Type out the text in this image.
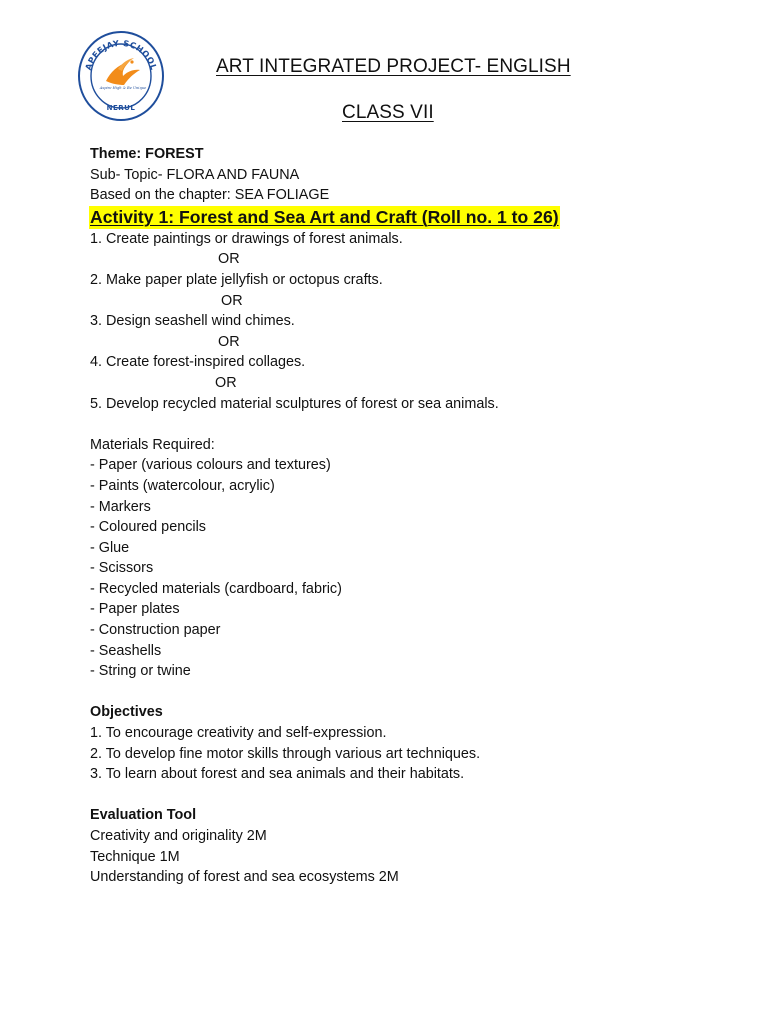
APEEJAY SCHOOL
Aspire High & Be Unique
NERUL
ART INTEGRATED PROJECT- ENGLISH
CLASS VII
Theme: FOREST
Sub- Topic- FLORA AND FAUNA
Based on the chapter: SEA FOLIAGE
Activity 1: Forest and Sea Art and Craft (Roll no. 1 to 26)
1. Create paintings or drawings of forest animals.
OR
2. Make paper plate jellyfish or octopus crafts.
OR
3. Design seashell wind chimes.
OR
4. Create forest-inspired collages.
OR
5. Develop recycled material sculptures of forest or sea animals.
Materials Required:
- Paper (various colours and textures)
- Paints (watercolour, acrylic)
- Markers
- Coloured pencils
- Glue
- Scissors
- Recycled materials (cardboard, fabric)
- Paper plates
- Construction paper
- Seashells
- String or twine
Objectives
1. To encourage creativity and self-expression.
2. To develop fine motor skills through various art techniques.
3. To learn about forest and sea animals and their habitats.
Evaluation Tool
Creativity and originality 2M
Technique 1M
Understanding of forest and sea ecosystems 2M
